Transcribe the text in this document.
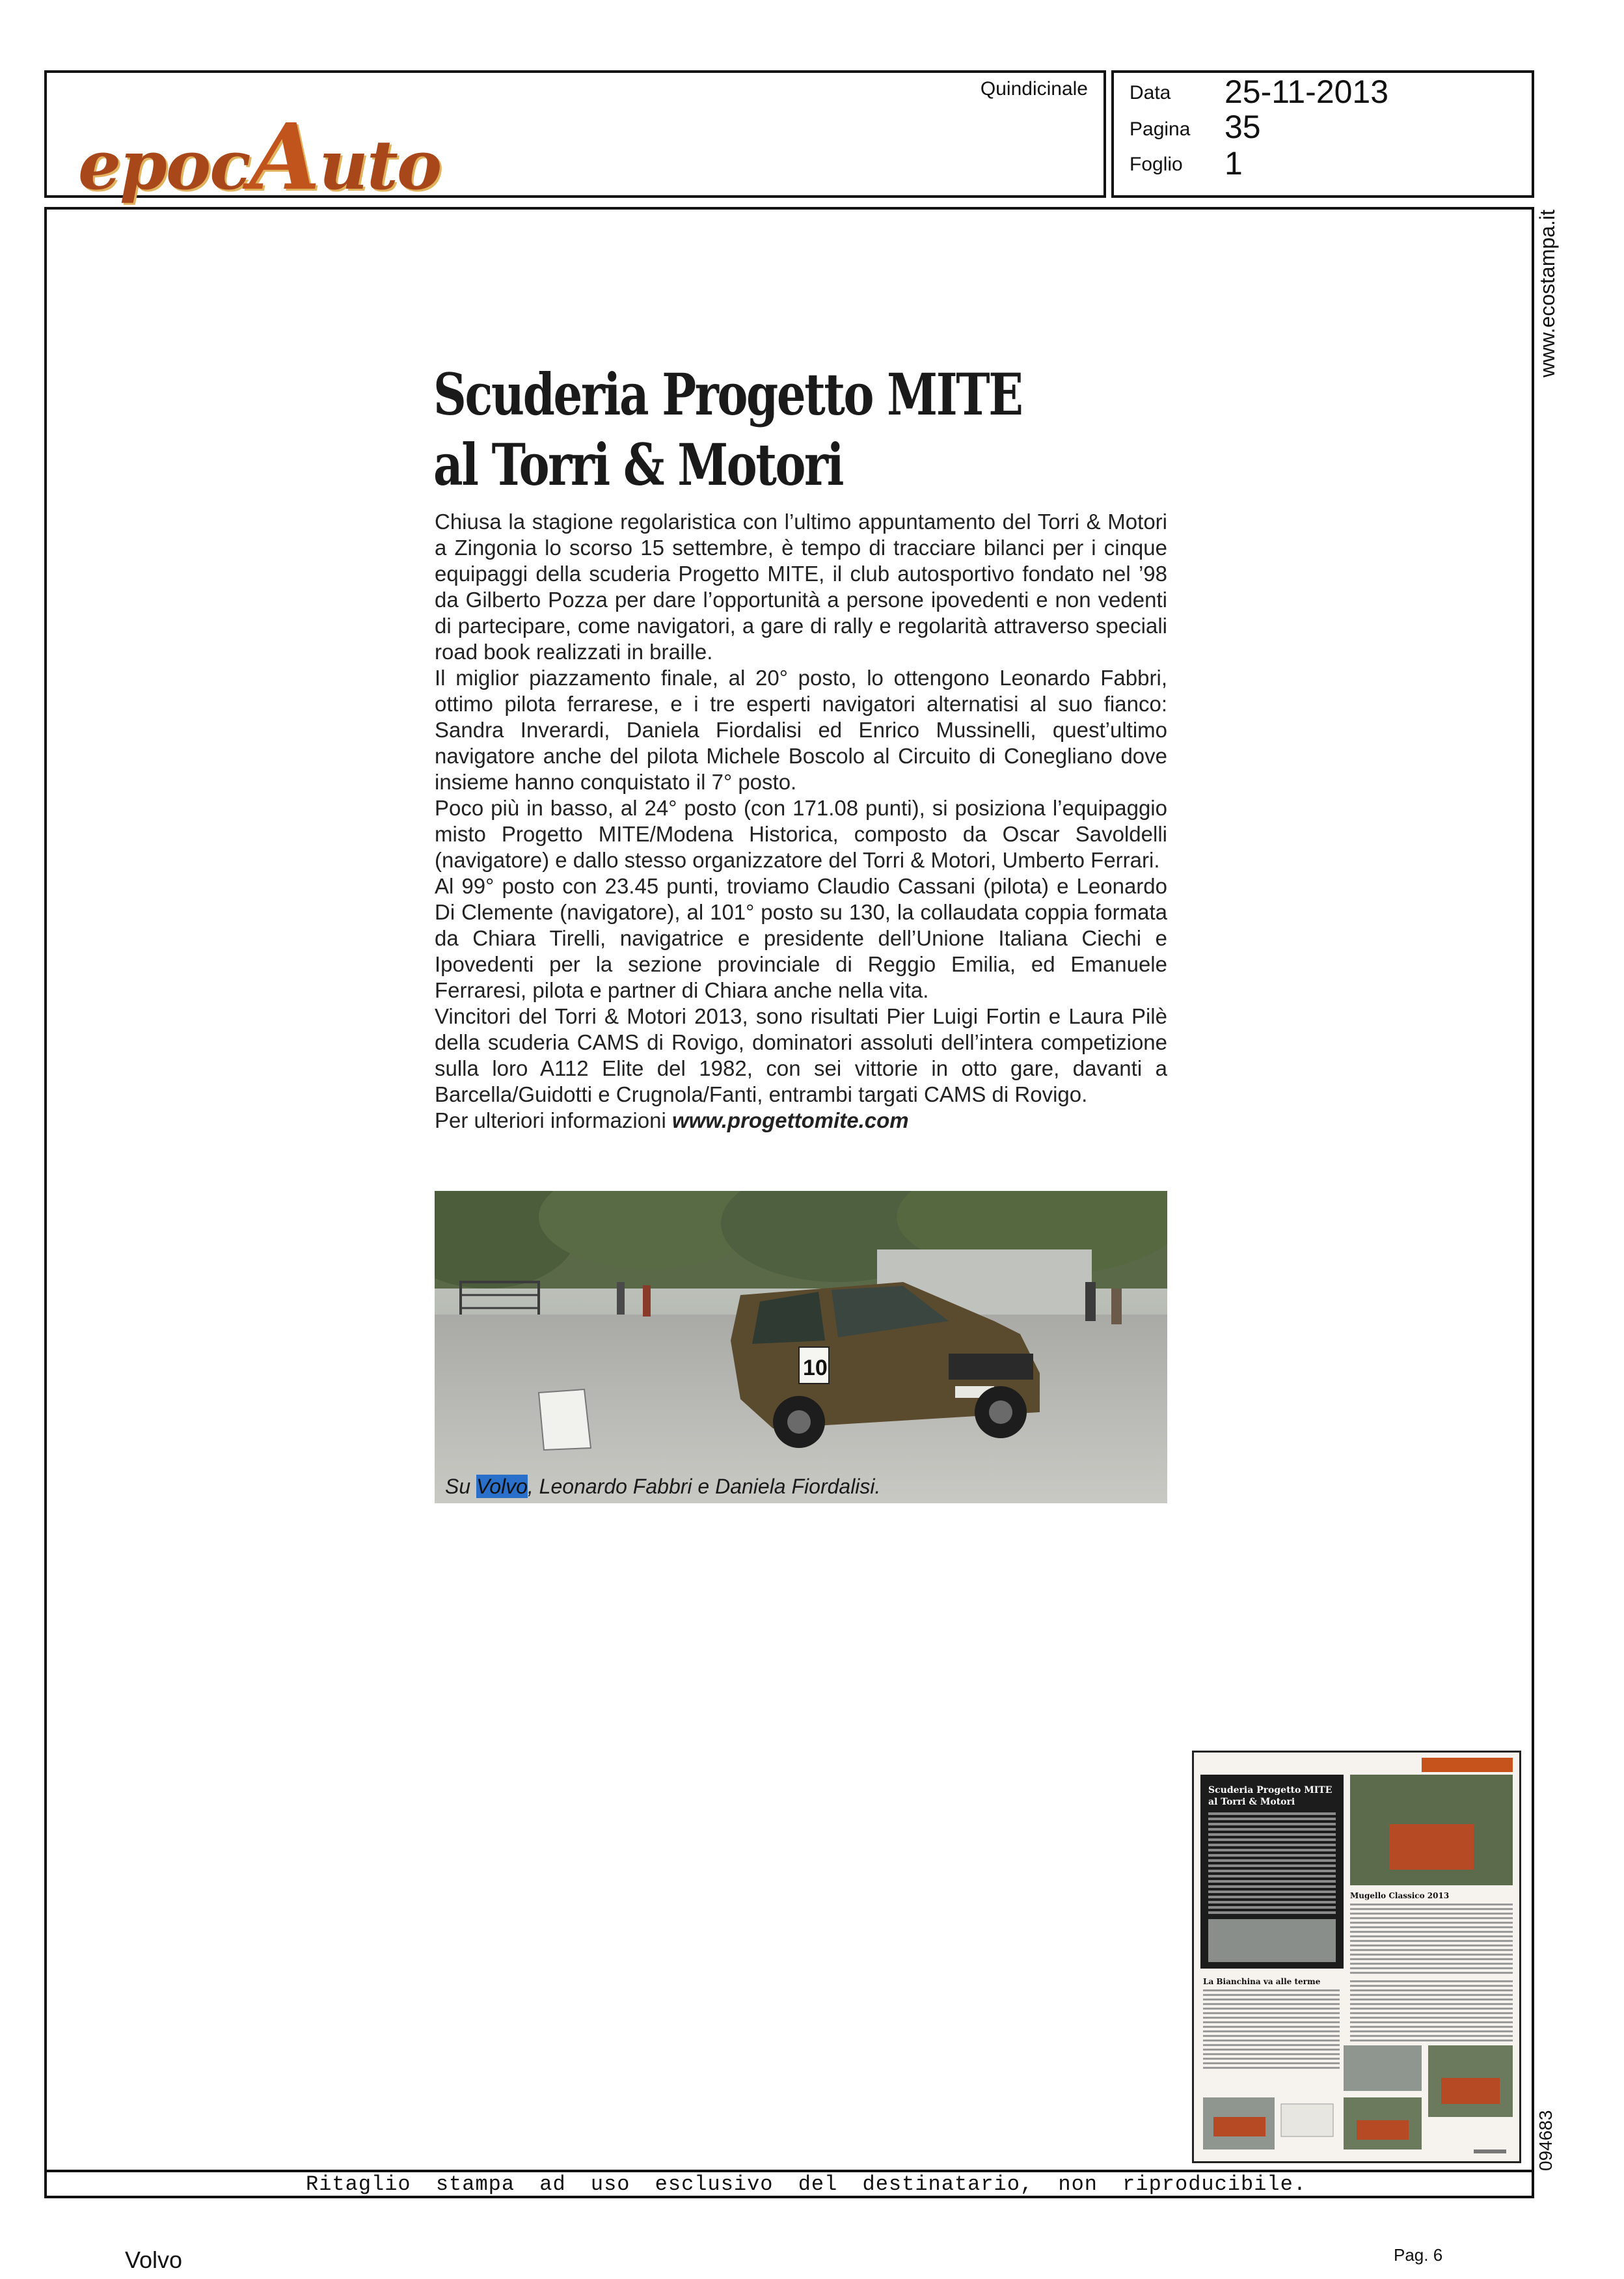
epocAuto
Quindicinale Data 25-11-2013
Pagina 35
Foglio 1
Ritaglio stampa ad uso esclusivo del destinatario, non riproducibile.
www.ecostampa.it
094683
Scuderia Progetto MITE
al Torri & Motori

Chiusa la stagione regolaristica con l’ultimo appuntamento del Torri & Motori a Zingonia lo scorso 15 settembre, è tempo di tracciare bilanci per i cinque equipaggi della scuderia Progetto MITE, il club autosportivo fondato nel ’98 da Gilberto Pozza per dare l’opportunità a persone ipovedenti e non vedenti di partecipare, come navigatori, a gare di rally e regolarità attraverso speciali road book realizzati in braille.

Il miglior piazzamento finale, al 20° posto, lo ottengono Leonardo Fabbri, ottimo pilota ferrarese, e i tre esperti navigatori alternatisi al suo fianco: Sandra Inverardi, Daniela Fiordalisi ed Enrico Mussinelli, quest’ultimo navigatore anche del pilota Michele Boscolo al Circuito di Conegliano dove insieme hanno conquistato il 7° posto.

Poco più in basso, al 24° posto (con 171.08 punti), si posiziona l’equipaggio misto Progetto MITE/Modena Historica, composto da Oscar Savoldelli (navigatore) e dallo stesso organizzatore del Torri & Motori, Umberto Ferrari.

Al 99° posto con 23.45 punti, troviamo Claudio Cassani (pilota) e Leonardo Di Clemente (navigatore), al 101° posto su 130, la collaudata coppia formata da Chiara Tirelli, navigatrice e presidente dell’Unione Italiana Ciechi e Ipovedenti per la sezione provinciale di Reggio Emilia, ed Emanuele Ferraresi, pilota e partner di Chiara anche nella vita.

Vincitori del Torri & Motori 2013, sono risultati Pier Luigi Fortin e Laura Pilè della scuderia CAMS di Rovigo, dominatori assoluti dell’intera competizione sulla loro A112 Elite del 1982, con sei vittorie in otto gare, davanti a Barcella/Guidotti e Crugnola/Fanti, entrambi targati CAMS di Rovigo.

Per ulteriori informazioni www.progettomite.com

10
Su Volvo, Leonardo Fabbri e Daniela Fiordalisi.
Scuderia Progetto MITE
al Torri & Motori
Mugello Classico 2013
La Bianchina va alle terme
Volvo	Pag. 6
